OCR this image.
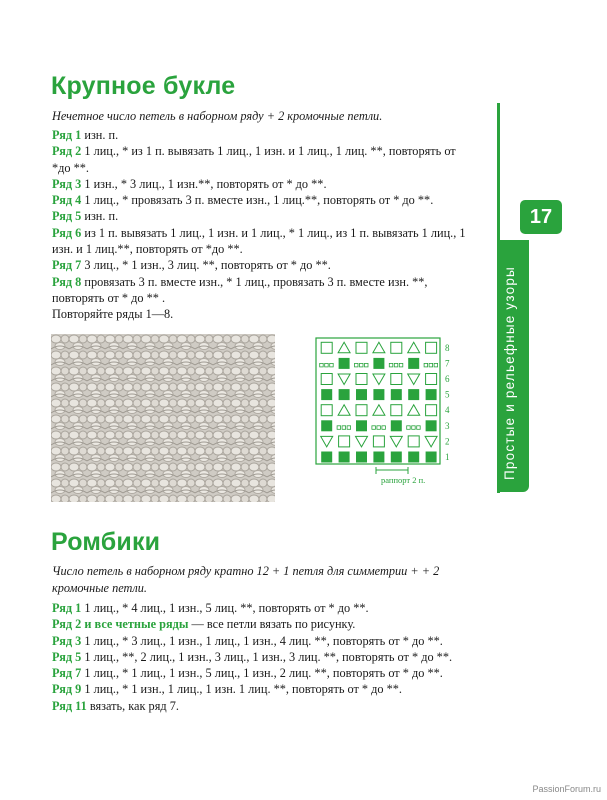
Крупное букле
Нечетное число петель в наборном ряду + 2 кромочные петли.

Ряд 1 изн. п.

Ряд 2 1 лиц., * из 1 п. вывязать 1 лиц., 1 изн. и 1 лиц., 1 лиц. **, повторять от *до **.

Ряд 3 1 изн., * 3 лиц., 1 изн.**, повторять от * до **.

Ряд 4 1 лиц., * провязать 3 п. вместе изн., 1 лиц.**, повторять от * до **.

Ряд 5 изн. п.

Ряд 6 из 1 п. вывязать 1 лиц., 1 изн. и 1 лиц., * 1 лиц., из 1 п. вывязать 1 лиц., 1 изн. и 1 лиц.**, повторять от *до **.

Ряд 7 3 лиц., * 1 изн., 3 лиц. **, повторять от * до **.

Ряд 8 провязать 3 п. вместе изн., * 1 лиц., провязать 3 п. вместе изн. **, повторять от * до ** .

Повторяйте ряды 1—8.

8
7
6
5
4
3
2
1
раппорт 2 п.
17
Простые и рельефные узоры
Ромбики
Число петель в наборном ряду кратно 12 + 1 петля для симметрии + + 2 кромочные петли.

Ряд 1 1 лиц., * 4 лиц., 1 изн., 5 лиц. **, повторять от * до **.

Ряд 2 и все четные ряды — все петли вязать по рисунку.

Ряд 3 1 лиц., * 3 лиц., 1 изн., 1 лиц., 1 изн., 4 лиц. **, повторять от * до **.

Ряд 5 1 лиц., **, 2 лиц., 1 изн., 3 лиц., 1 изн., 3 лиц. **, повторять от * до **.

Ряд 7 1 лиц., * 1 лиц., 1 изн., 5 лиц., 1 изн., 2 лиц. **, повторять от * до **.

Ряд 9 1 лиц., * 1 изн., 1 лиц., 1 изн. 1 лиц. **, повторять от * до **.

Ряд 11 вязать, как ряд 7.

PassionForum.ru
